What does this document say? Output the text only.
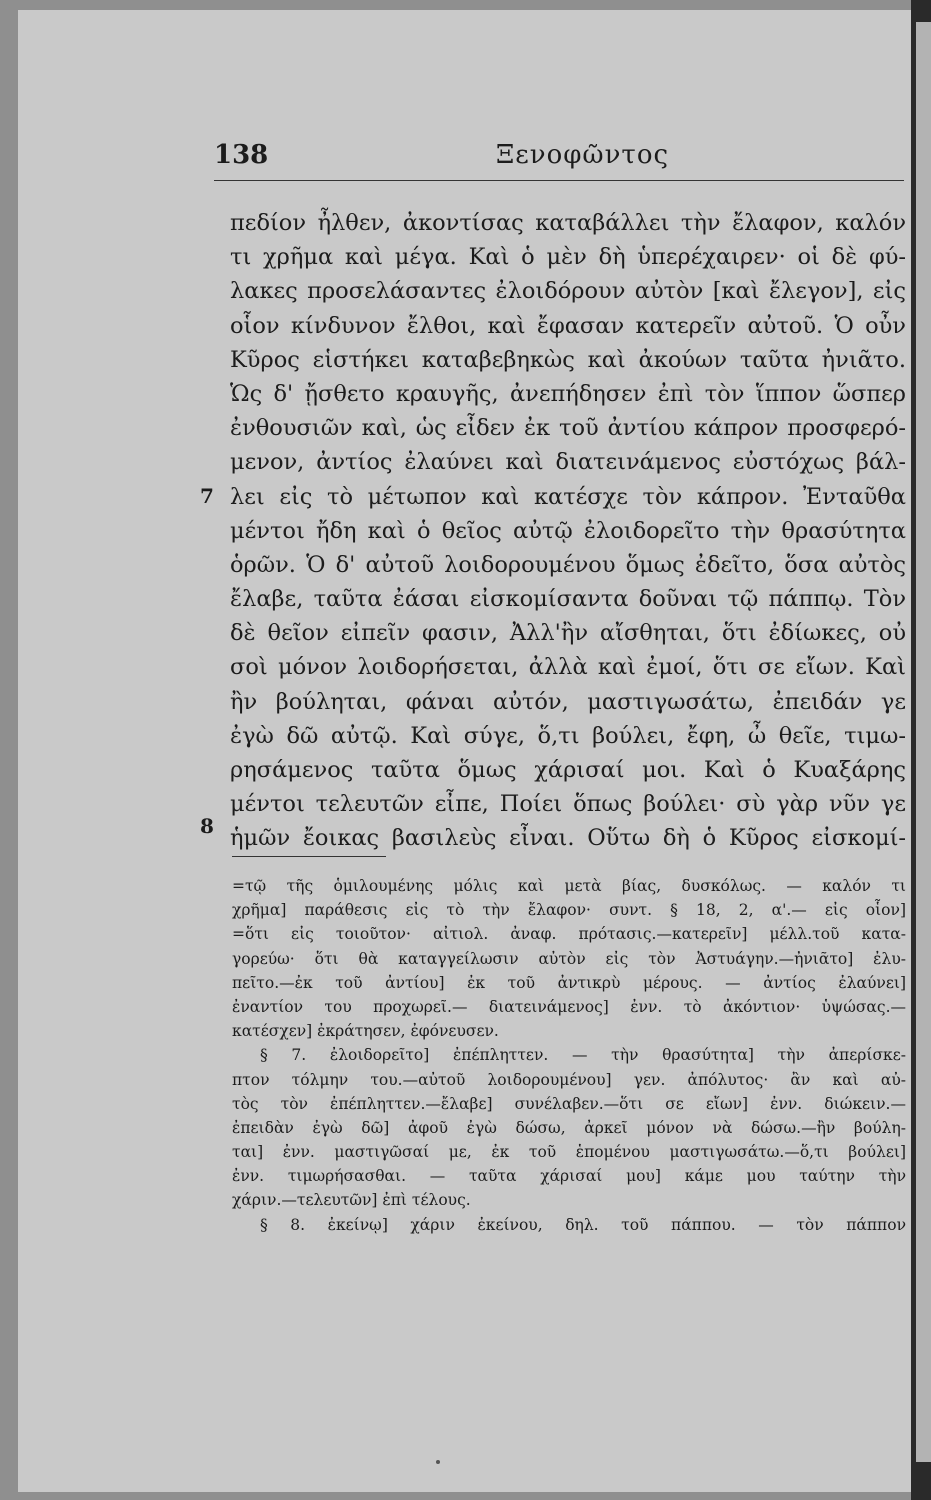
138	Ξενοφῶντος
7
8
πεδίον ἦλθεν, ἀκοντίσας καταβάλλει τὴν ἔλαφον, καλόν
τι χρῆμα καὶ μέγα. Καὶ ὁ μὲν δὴ ὑπερέχαιρεν· οἱ δὲ φύ-
λακες προσελάσαντες ἐλοιδόρουν αὐτὸν [καὶ ἔλεγον], εἰς
οἷον κίνδυνον ἔλθοι, καὶ ἔφασαν κατερεῖν αὐτοῦ. Ὁ οὖν
Κῦρος εἱστήκει καταβεβηκὼς καὶ ἀκούων ταῦτα ἠνιᾶτο.
Ὡς δ' ᾔσθετο κραυγῆς, ἀνεπήδησεν ἐπὶ τὸν ἵππον ὥσπερ
ἐνθουσιῶν καὶ, ὡς εἶδεν ἐκ τοῦ ἀντίου κάπρον προσφερό-
μενον, ἀντίος ἐλαύνει καὶ διατεινάμενος εὐστόχως βάλ-
λει εἰς τὸ μέτωπον καὶ κατέσχε τὸν κάπρον. Ἐνταῦθα
μέντοι ἤδη καὶ ὁ θεῖος αὐτῷ ἐλοιδορεῖτο τὴν θρασύτητα
ὁρῶν. Ὁ δ' αὐτοῦ λοιδορουμένου ὅμως ἐδεῖτο, ὅσα αὐτὸς
ἔλαβε, ταῦτα ἐάσαι εἰσκομίσαντα δοῦναι τῷ πάππῳ. Τὸν
δὲ θεῖον εἰπεῖν φασιν, Ἀλλ'ἢν αἴσθηται, ὅτι ἐδίωκες, οὐ
σοὶ μόνον λοιδορήσεται, ἀλλὰ καὶ ἐμοί, ὅτι σε εἴων. Καὶ
ἢν βούληται, φάναι αὐτόν, μαστιγωσάτω, ἐπειδάν γε
ἐγὼ δῶ αὐτῷ. Καὶ σύγε, ὅ,τι βούλει, ἔφη, ὦ θεῖε, τιμω-
ρησάμενος ταῦτα ὅμως χάρισαί μοι. Καὶ ὁ Κυαξάρης
μέντοι τελευτῶν εἶπε, Ποίει ὅπως βούλει· σὺ γὰρ νῦν γε
ἡμῶν ἔοικας βασιλεὺς εἶναι. Οὕτω δὴ ὁ Κῦρος εἰσκομί-
=τῷ τῆς ὁμιλουμένης μόλις καὶ μετὰ βίας, δυσκόλως. — καλόν τι
χρῆμα] παράθεσις εἰς τὸ τὴν ἔλαφον· συντ. § 18, 2, α'.— εἰς οἷον]
=ὅτι εἰς τοιοῦτον· αἰτιολ. ἀναφ. πρότασις.—κατερεῖν] μέλλ.τοῦ κατα-
γορεύω· ὅτι θὰ καταγγείλωσιν αὐτὸν εἰς τὸν Ἀστυάγην.—ἠνιᾶτο] ἐλυ-
πεῖτο.—ἐκ τοῦ ἀντίου] ἐκ τοῦ ἀντικρὺ μέρους. — ἀντίος ἐλαύνει]
ἐναντίον του προχωρεῖ.— διατεινάμενος] ἐνν. τὸ ἀκόντιον· ὑψώσας.—
κατέσχεν] ἐκράτησεν, ἐφόνευσεν.
§ 7. ἐλοιδορεῖτο] ἐπέπληττεν. — τὴν θρασύτητα] τὴν ἀπερίσκε-
πτον τόλμην του.—αὐτοῦ λοιδορουμένου] γεν. ἀπόλυτος· ἂν καὶ αὐ-
τὸς τὸν ἐπέπληττεν.—ἔλαβε] συνέλαβεν.—ὅτι σε εἴων] ἐνν. διώκειν.—
ἐπειδὰν ἐγὼ δῶ] ἀφοῦ ἐγὼ δώσω, ἀρκεῖ μόνον νὰ δώσω.—ἢν βούλη-
ται] ἐνν. μαστιγῶσαί με, ἐκ τοῦ ἑπομένου μαστιγωσάτω.—ὅ,τι βούλει]
ἐνν. τιμωρήσασθαι. — ταῦτα χάρισαί μου] κάμε μου ταύτην τὴν
χάριν.—τελευτῶν] ἐπὶ τέλους.
§ 8. ἐκείνῳ] χάριν ἐκείνου, δηλ. τοῦ πάππου. — τὸν πάππον
